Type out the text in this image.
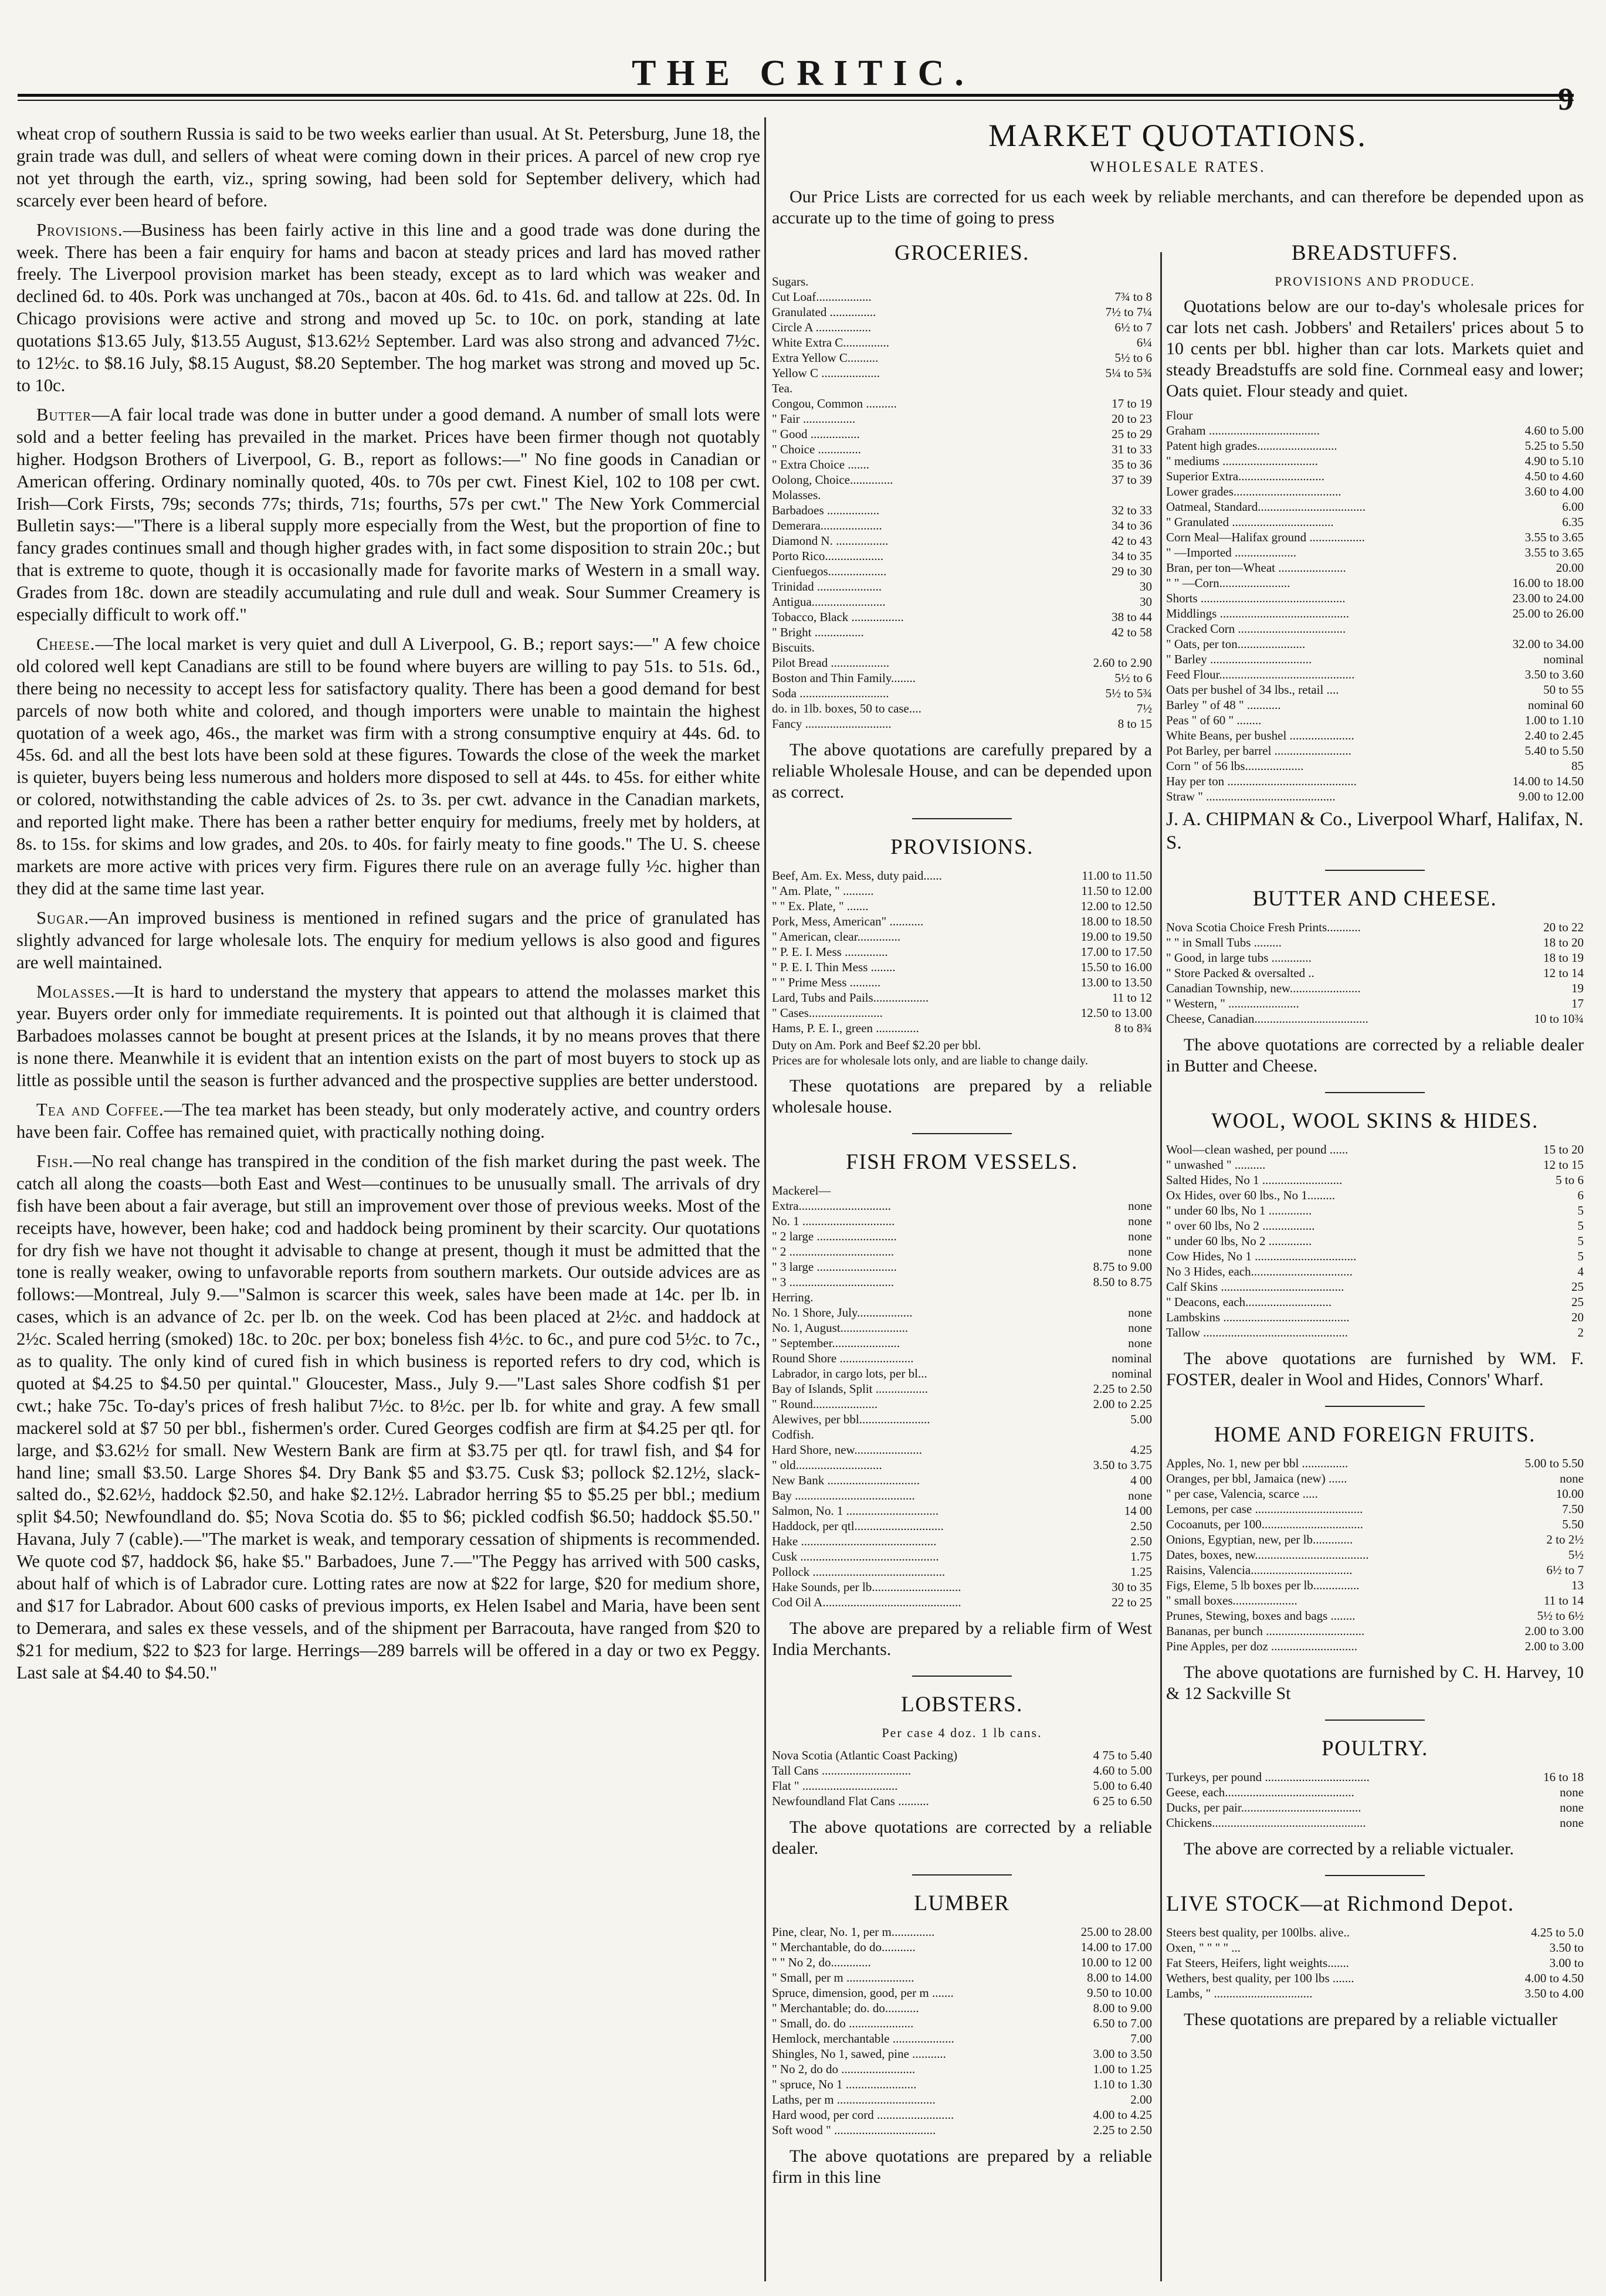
THE CRITIC.
9

wheat crop of southern Russia is said to be two weeks earlier than usual. At St. Petersburg, June 18, the grain trade was dull, and sellers of wheat were coming down in their prices. A parcel of new crop rye not yet through the earth, viz., spring sowing, had been sold for September delivery, which had scarcely ever been heard of before.

Provisions.—Business has been fairly active in this line and a good trade was done during the week. There has been a fair enquiry for hams and bacon at steady prices and lard has moved rather freely. The Liverpool provision market has been steady, except as to lard which was weaker and declined 6d. to 40s. Pork was unchanged at 70s., bacon at 40s. 6d. to 41s. 6d. and tallow at 22s. 0d. In Chicago provisions were active and strong and moved up 5c. to 10c. on pork, standing at late quotations $13.65 July, $13.55 August, $13.62½ September. Lard was also strong and advanced 7½c. to 12½c. to $8.16 July, $8.15 August, $8.20 September. The hog market was strong and moved up 5c. to 10c.

Butter—A fair local trade was done in butter under a good demand. A number of small lots were sold and a better feeling has prevailed in the market. Prices have been firmer though not quotably higher. Hodgson Brothers of Liverpool, G. B., report as follows:—" No fine goods in Canadian or American offering. Ordinary nominally quoted, 40s. to 70s per cwt. Finest Kiel, 102 to 108 per cwt. Irish—Cork Firsts, 79s; seconds 77s; thirds, 71s; fourths, 57s per cwt." The New York Commercial Bulletin says:—"There is a liberal supply more especially from the West, but the proportion of fine to fancy grades continues small and though higher grades with, in fact some disposition to strain 20c.; but that is extreme to quote, though it is occasionally made for favorite marks of Western in a small way. Grades from 18c. down are steadily accumulating and rule dull and weak. Sour Summer Creamery is especially difficult to work off."

Cheese.—The local market is very quiet and dull A Liverpool, G. B.; report says:—" A few choice old colored well kept Canadians are still to be found where buyers are willing to pay 51s. to 51s. 6d., there being no necessity to accept less for satisfactory quality. There has been a good demand for best parcels of now both white and colored, and though importers were unable to maintain the highest quotation of a week ago, 46s., the market was firm with a strong consumptive enquiry at 44s. 6d. to 45s. 6d. and all the best lots have been sold at these figures. Towards the close of the week the market is quieter, buyers being less numerous and holders more disposed to sell at 44s. to 45s. for either white or colored, notwithstanding the cable advices of 2s. to 3s. per cwt. advance in the Canadian markets, and reported light make. There has been a rather better enquiry for mediums, freely met by holders, at 8s. to 15s. for skims and low grades, and 20s. to 40s. for fairly meaty to fine goods." The U. S. cheese markets are more active with prices very firm. Figures there rule on an average fully ½c. higher than they did at the same time last year.

Sugar.—An improved business is mentioned in refined sugars and the price of granulated has slightly advanced for large wholesale lots. The enquiry for medium yellows is also good and figures are well maintained.

Molasses.—It is hard to understand the mystery that appears to attend the molasses market this year. Buyers order only for immediate requirements. It is pointed out that although it is claimed that Barbadoes molasses cannot be bought at present prices at the Islands, it by no means proves that there is none there. Meanwhile it is evident that an intention exists on the part of most buyers to stock up as little as possible until the season is further advanced and the prospective supplies are better understood.

Tea and Coffee.—The tea market has been steady, but only moderately active, and country orders have been fair. Coffee has remained quiet, with practically nothing doing.

Fish.—No real change has transpired in the condition of the fish market during the past week. The catch all along the coasts—both East and West—continues to be unusually small. The arrivals of dry fish have been about a fair average, but still an improvement over those of previous weeks. Most of the receipts have, however, been hake; cod and haddock being prominent by their scarcity. Our quotations for dry fish we have not thought it advisable to change at present, though it must be admitted that the tone is really weaker, owing to unfavorable reports from southern markets. Our outside advices are as follows:—Montreal, July 9.—"Salmon is scarcer this week, sales have been made at 14c. per lb. in cases, which is an advance of 2c. per lb. on the week. Cod has been placed at 2½c. and haddock at 2½c. Scaled herring (smoked) 18c. to 20c. per box; boneless fish 4½c. to 6c., and pure cod 5½c. to 7c., as to quality. The only kind of cured fish in which business is reported refers to dry cod, which is quoted at $4.25 to $4.50 per quintal." Gloucester, Mass., July 9.—"Last sales Shore codfish $1 per cwt.; hake 75c. To-day's prices of fresh halibut 7½c. to 8½c. per lb. for white and gray. A few small mackerel sold at $7 50 per bbl., fishermen's order. Cured Georges codfish are firm at $4.25 per qtl. for large, and $3.62½ for small. New Western Bank are firm at $3.75 per qtl. for trawl fish, and $4 for hand line; small $3.50. Large Shores $4. Dry Bank $5 and $3.75. Cusk $3; pollock $2.12½, slack-salted do., $2.62½, haddock $2.50, and hake $2.12½. Labrador herring $5 to $5.25 per bbl.; medium split $4.50; Newfoundland do. $5; Nova Scotia do. $5 to $6; pickled codfish $6.50; haddock $5.50." Havana, July 7 (cable).—"The market is weak, and temporary cessation of shipments is recommended. We quote cod $7, haddock $6, hake $5." Barbadoes, June 7.—"The Peggy has arrived with 500 casks, about half of which is of Labrador cure. Lotting rates are now at $22 for large, $20 for medium shore, and $17 for Labrador. About 600 casks of previous imports, ex Helen Isabel and Maria, have been sent to Demerara, and sales ex these vessels, and of the shipment per Barracouta, have ranged from $20 to $21 for medium, $22 to $23 for large. Herrings—289 barrels will be offered in a day or two ex Peggy. Last sale at $4.40 to $4.50."

MARKET QUOTATIONS.
WHOLESALE RATES.

Our Price Lists are corrected for us each week by reliable merchants, and can therefore be depended upon as accurate up to the time of going to press

GROCERIES.
Sugars.	
Cut Loaf..................	7¾ to 8
Granulated ...............	7½ to 7¼
Circle A ..................	6½ to 7
White Extra C...............	6¼
Extra Yellow C..........	5½ to 6
Yellow C ...................	5¼ to 5¾
Tea.	
Congou, Common ..........	17 to 19
" Fair .................	20 to 23
" Good ................	25 to 29
" Choice ..............	31 to 33
" Extra Choice .......	35 to 36
Oolong, Choice..............	37 to 39
Molasses.	
Barbadoes .................	32 to 33
Demerara....................	34 to 36
Diamond N. .................	42 to 43
Porto Rico...................	34 to 35
Cienfuegos...................	29 to 30
Trinidad .....................	30
Antigua........................	30
Tobacco, Black .................	38 to 44
" Bright ................	42 to 58
Biscuits.	
Pilot Bread ...................	2.60 to 2.90
Boston and Thin Family........	5½ to 6
Soda .............................	5½ to 5¾
do. in 1lb. boxes, 50 to case....	7½
Fancy ............................	8 to 15

The above quotations are carefully prepared by a reliable Wholesale House, and can be depended upon as correct.

PROVISIONS.
Beef, Am. Ex. Mess, duty paid......	11.00 to 11.50
" Am. Plate, " ..........	11.50 to 12.00
" " Ex. Plate, " .......	12.00 to 12.50
Pork, Mess, American" ...........	18.00 to 18.50
" American, clear..............	19.00 to 19.50
" P. E. I. Mess ..............	17.00 to 17.50
" P. E. I. Thin Mess ........	15.50 to 16.00
" " Prime Mess ..........	13.00 to 13.50
Lard, Tubs and Pails..................	11 to 12
" Cases........................	12.50 to 13.00
Hams, P. E. I., green ..............	8 to 8¾
Duty on Am. Pork and Beef $2.20 per bbl.
Prices are for wholesale lots only, and are liable to change daily.

These quotations are prepared by a reliable wholesale house.

FISH FROM VESSELS.
Mackerel—	
Extra..............................	none
No. 1 ..............................	none
" 2 large ..........................	none
" 2 ..................................	none
" 3 large ..........................	8.75 to 9.00
" 3 ..................................	8.50 to 8.75
Herring.	
No. 1 Shore, July..................	none
No. 1, August......................	none
" September......................	none
Round Shore ........................	nominal
Labrador, in cargo lots, per bl...	nominal
Bay of Islands, Split .................	2.25 to 2.50
" Round.....................	2.00 to 2.25
Alewives, per bbl.......................	5.00
Codfish.	
Hard Shore, new......................	4.25
" old............................	3.50 to 3.75
New Bank ..............................	4 00
Bay .......................................	none
Salmon, No. 1 ..............................	14 00
Haddock, per qtl.............................	2.50
Hake ............................................	2.50
Cusk .............................................	1.75
Pollock ...........................................	1.25
Hake Sounds, per lb.............................	30 to 35
Cod Oil A.............................................	22 to 25

The above are prepared by a reliable firm of West India Merchants.

LOBSTERS.
Per case 4 doz. 1 lb cans.
Nova Scotia (Atlantic Coast Packing)	4 75 to 5.40
Tall Cans .............................	4.60 to 5.00
Flat " ...............................	5.00 to 6.40
Newfoundland Flat Cans ..........	6 25 to 6.50

The above quotations are corrected by a reliable dealer.

LUMBER
Pine, clear, No. 1, per m..............	25.00 to 28.00
" Merchantable, do do...........	14.00 to 17.00
" " No 2, do.............	10.00 to 12 00
" Small, per m ......................	8.00 to 14.00
Spruce, dimension, good, per m .......	9.50 to 10.00
" Merchantable; do. do...........	8.00 to 9.00
" Small, do. do .....................	6.50 to 7.00
Hemlock, merchantable ....................	7.00
Shingles, No 1, sawed, pine ...........	3.00 to 3.50
" No 2, do do ........................	1.00 to 1.25
" spruce, No 1 .......................	1.10 to 1.30
Laths, per m ................................	2.00
Hard wood, per cord .........................	4.00 to 4.25
Soft wood " .................................	2.25 to 2.50

The above quotations are prepared by a reliable firm in this line

BREADSTUFFS.
PROVISIONS AND PRODUCE.

Quotations below are our to-day's wholesale prices for car lots net cash. Jobbers' and Retailers' prices about 5 to 10 cents per bbl. higher than car lots. Markets quiet and steady Breadstuffs are sold fine. Cornmeal easy and lower; Oats quiet. Flour steady and quiet.

Flour	
Graham ....................................	4.60 to 5.00
Patent high grades..........................	5.25 to 5.50
" mediums ...............................	4.90 to 5.10
Superior Extra............................	4.50 to 4.60
Lower grades...................................	3.60 to 4.00
Oatmeal, Standard...................................	6.00
" Granulated .................................	6.35
Corn Meal—Halifax ground ..................	3.55 to 3.65
" —Imported ....................	3.55 to 3.65
Bran, per ton—Wheat ......................	20.00
" " —Corn.......................	16.00 to 18.00
Shorts ...............................................	23.00 to 24.00
Middlings ..........................................	25.00 to 26.00
Cracked Corn ...................................	
" Oats, per ton......................	32.00 to 34.00
" Barley .................................	nominal
Feed Flour............................................	3.50 to 3.60
Oats per bushel of 34 lbs., retail ....	50 to 55
Barley " of 48 " ...........	nominal 60
Peas " of 60 " ........	1.00 to 1.10
White Beans, per bushel .....................	2.40 to 2.45
Pot Barley, per barrel .........................	5.40 to 5.50
Corn " of 56 lbs...................	85
Hay per ton ..........................................	14.00 to 14.50
Straw " ..........................................	9.00 to 12.00
J. A. CHIPMAN & Co., Liverpool Wharf, Halifax, N. S.
BUTTER AND CHEESE.
Nova Scotia Choice Fresh Prints...........	20 to 22
" " in Small Tubs .........	18 to 20
" Good, in large tubs .............	18 to 19
" Store Packed & oversalted ..	12 to 14
Canadian Township, new.......................	19
" Western, " .......................	17
Cheese, Canadian.....................................	10 to 10¾

The above quotations are corrected by a reliable dealer in Butter and Cheese.

WOOL, WOOL SKINS & HIDES.
Wool—clean washed, per pound ......	15 to 20
" unwashed " ..........	12 to 15
Salted Hides, No 1 ..........................	5 to 6
Ox Hides, over 60 lbs., No 1.........	6
" under 60 lbs, No 1 ..............	5
" over 60 lbs, No 2 .................	5
" under 60 lbs, No 2 ..............	5
Cow Hides, No 1 .................................	5
No 3 Hides, each.................................	4
Calf Skins ........................................	25
" Deacons, each............................	25
Lambskins .........................................	20
Tallow ...............................................	2

The above quotations are furnished by WM. F. FOSTER, dealer in Wool and Hides, Connors' Wharf.

HOME AND FOREIGN FRUITS.
Apples, No. 1, new per bbl ...............	5.00 to 5.50
Oranges, per bbl, Jamaica (new) ......	none
" per case, Valencia, scarce .....	10.00
Lemons, per case ...................................	7.50
Cocoanuts, per 100.................................	5.50
Onions, Egyptian, new, per lb.............	2 to 2½
Dates, boxes, new.....................................	5½
Raisins, Valencia.................................	6½ to 7
Figs, Eleme, 5 lb boxes per lb...............	13
" small boxes.....................	11 to 14
Prunes, Stewing, boxes and bags ........	5½ to 6½
Bananas, per bunch ................................	2.00 to 3.00
Pine Apples, per doz ............................	2.00 to 3.00

The above quotations are furnished by C. H. Harvey, 10 & 12 Sackville St

POULTRY.
Turkeys, per pound ..................................	16 to 18
Geese, each..........................................	none
Ducks, per pair.......................................	none
Chickens..................................................	none

The above are corrected by a reliable victualer.

LIVE STOCK—at Richmond Depot.
Steers best quality, per 100lbs. alive..	4.25 to 5.0
Oxen, " " " " ...	3.50 to
Fat Steers, Heifers, light weights.......	3.00 to
Wethers, best quality, per 100 lbs .......	4.00 to 4.50
Lambs, " ................................	3.50 to 4.00

These quotations are prepared by a reliable victualler
